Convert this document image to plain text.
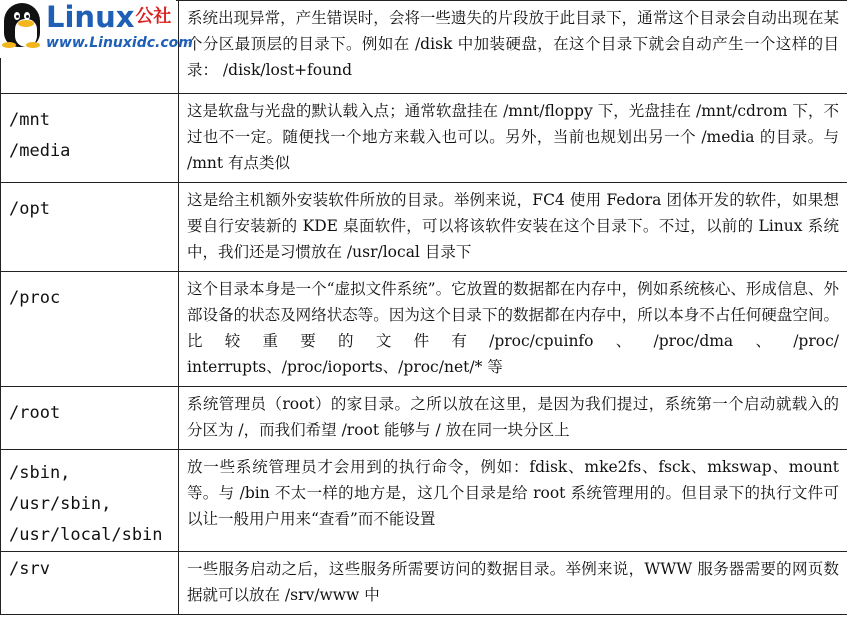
	系统出现异常，产生错误时，会将一些遗失的片段放于此目录下，通常这个目录会自动出现在某个分区最顶层的目录下。例如在 /disk 中加装硬盘，在这个目录下就会自动产生一个这样的目录： /disk/lost+found

/mnt
/media	这是软盘与光盘的默认载入点；通常软盘挂在 /mnt/floppy 下，光盘挂在 /mnt/cdrom 下，不过也不一定。随便找一个地方来载入也可以。另外，当前也规划出另一个 /media 的目录。与 /mnt 有点类似

/opt	这是给主机额外安装软件所放的目录。举例来说，FC4 使用 Fedora 团体开发的软件，如果想要自行安装新的 KDE 桌面软件，可以将该软件安装在这个目录下。不过，以前的 Linux 系统中，我们还是习惯放在 /usr/local 目录下

/proc	这个目录本身是一个“虚拟文件系统”。它放置的数据都在内存中，例如系统核心、形成信息、外部设备的状态及网络状态等。因为这个目录下的数据都在内存中，所以本身不占任何硬盘空间。比较重要的文件有/proc/cpuinfo、/proc/dma、/proc/ interrupts、/proc/ioports、/proc/net/* 等

/root	系统管理员（root）的家目录。之所以放在这里，是因为我们提过，系统第一个启动就载入的分区为 /，而我们希望 /root 能够与 / 放在同一块分区上

/sbin,
/usr/sbin,
/usr/local/sbin	放一些系统管理员才会用到的执行命令，例如：fdisk、mke2fs、fsck、mkswap、mount 等。与 /bin 不太一样的地方是，这几个目录是给 root 系统管理用的。但目录下的执行文件可以让一般用户用来“查看”而不能设置

/srv	一些服务启动之后，这些服务所需要访问的数据目录。举例来说，WWW 服务器需要的网页数据就可以放在 /srv/www 中
Linux公社
www.Linuxidc.com
